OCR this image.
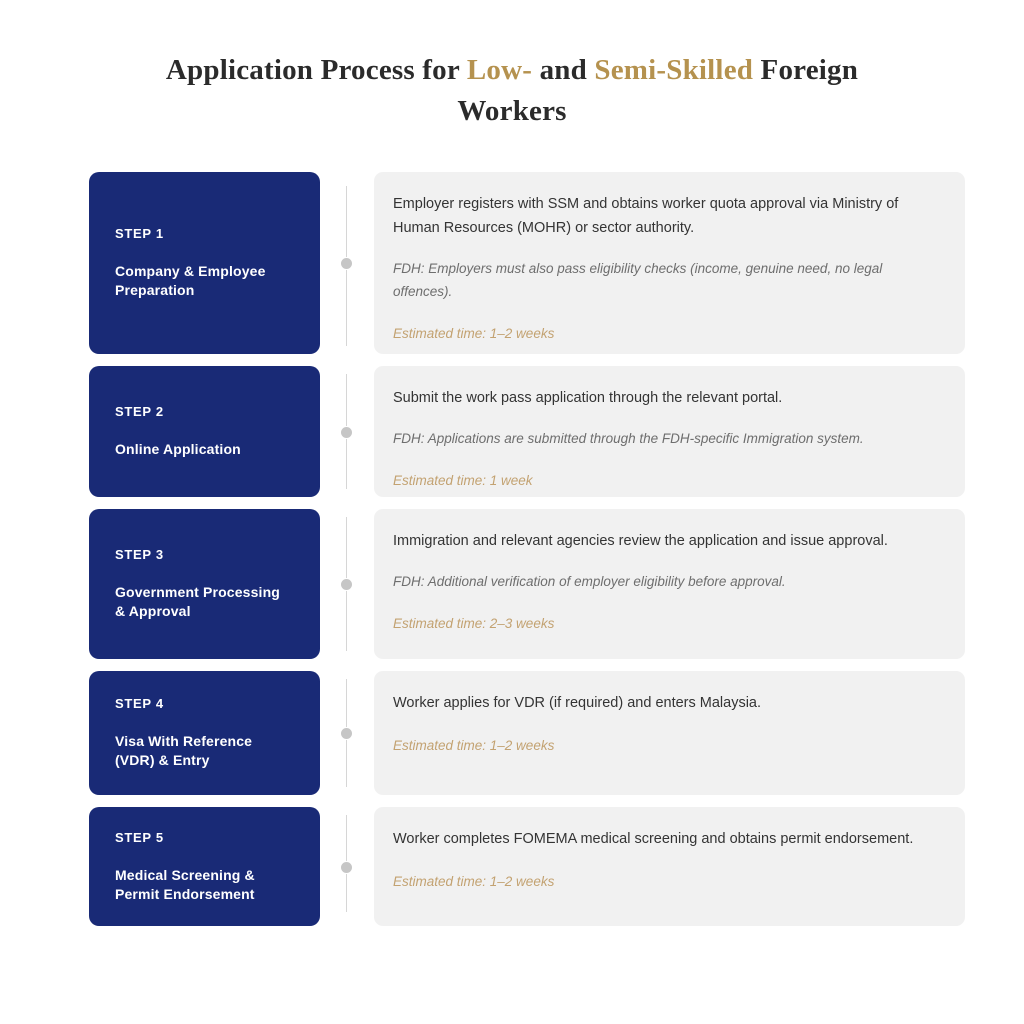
Application Process for Low- and Semi-Skilled Foreign Workers
STEP 1
Company & Employee Preparation

Employer registers with SSM and obtains worker quota approval via Ministry of Human Resources (MOHR) or sector authority.

FDH: Employers must also pass eligibility checks (income, genuine need, no legal offences).

Estimated time: 1–2 weeks

STEP 2
Online Application

Submit the work pass application through the relevant portal.

FDH: Applications are submitted through the FDH-specific Immigration system.

Estimated time: 1 week

STEP 3
Government Processing & Approval

Immigration and relevant agencies review the application and issue approval.

FDH: Additional verification of employer eligibility before approval.

Estimated time: 2–3 weeks

STEP 4
Visa With Reference (VDR) & Entry

Worker applies for VDR (if required) and enters Malaysia.

Estimated time: 1–2 weeks

STEP 5
Medical Screening & Permit Endorsement

Worker completes FOMEMA medical screening and obtains permit endorsement.

Estimated time: 1–2 weeks
